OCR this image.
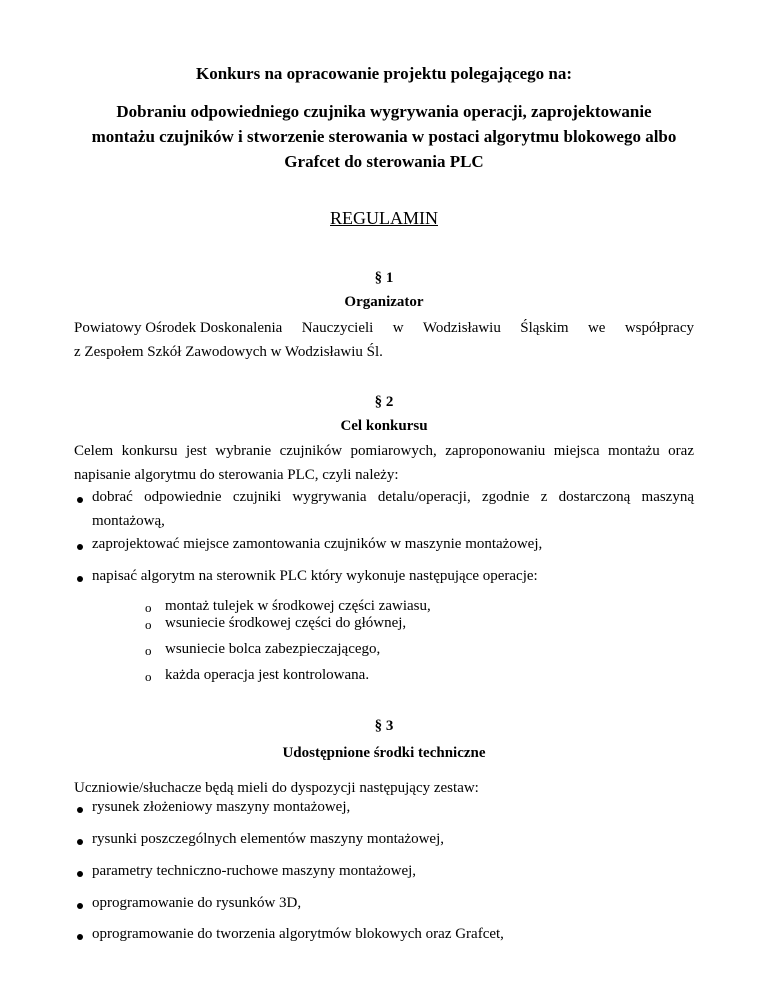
Konkurs na opracowanie projektu polegającego na:
Dobraniu odpowiedniego czujnika wygrywania operacji, zaprojektowanie
montażu czujników i stworzenie sterowania w postaci algorytmu blokowego albo
Grafcet do sterowania PLC
REGULAMIN
§ 1
Organizator
Powiatowy Ośrodek Doskonalenia Nauczycieli w Wodzisławiu Śląskim we współpracy
z Zespołem Szkół Zawodowych w Wodzisławiu Śl.
§ 2
Cel konkursu
Celem konkursu jest wybranie czujników pomiarowych, zaproponowaniu miejsca montażu oraz
napisanie algorytmu do sterowania PLC, czyli należy:
dobrać odpowiednie czujniki wygrywania detalu/operacji, zgodnie z dostarczoną maszyną
montażową,
zaprojektować miejsce zamontowania czujników w maszynie montażowej,
napisać algorytm na sterownik PLC który wykonuje następujące operacje:
o montaż tulejek w środkowej części zawiasu,
o wsuniecie środkowej części do głównej,
o wsuniecie bolca zabezpieczającego,
o każda operacja jest kontrolowana.
§ 3
Udostępnione środki techniczne
Uczniowie/słuchacze będą mieli do dyspozycji następujący zestaw:
rysunek złożeniowy maszyny montażowej,
rysunki poszczególnych elementów maszyny montażowej,
parametry techniczno-ruchowe maszyny montażowej,
oprogramowanie do rysunków 3D,
oprogramowanie do tworzenia algorytmów blokowych oraz Grafcet,
